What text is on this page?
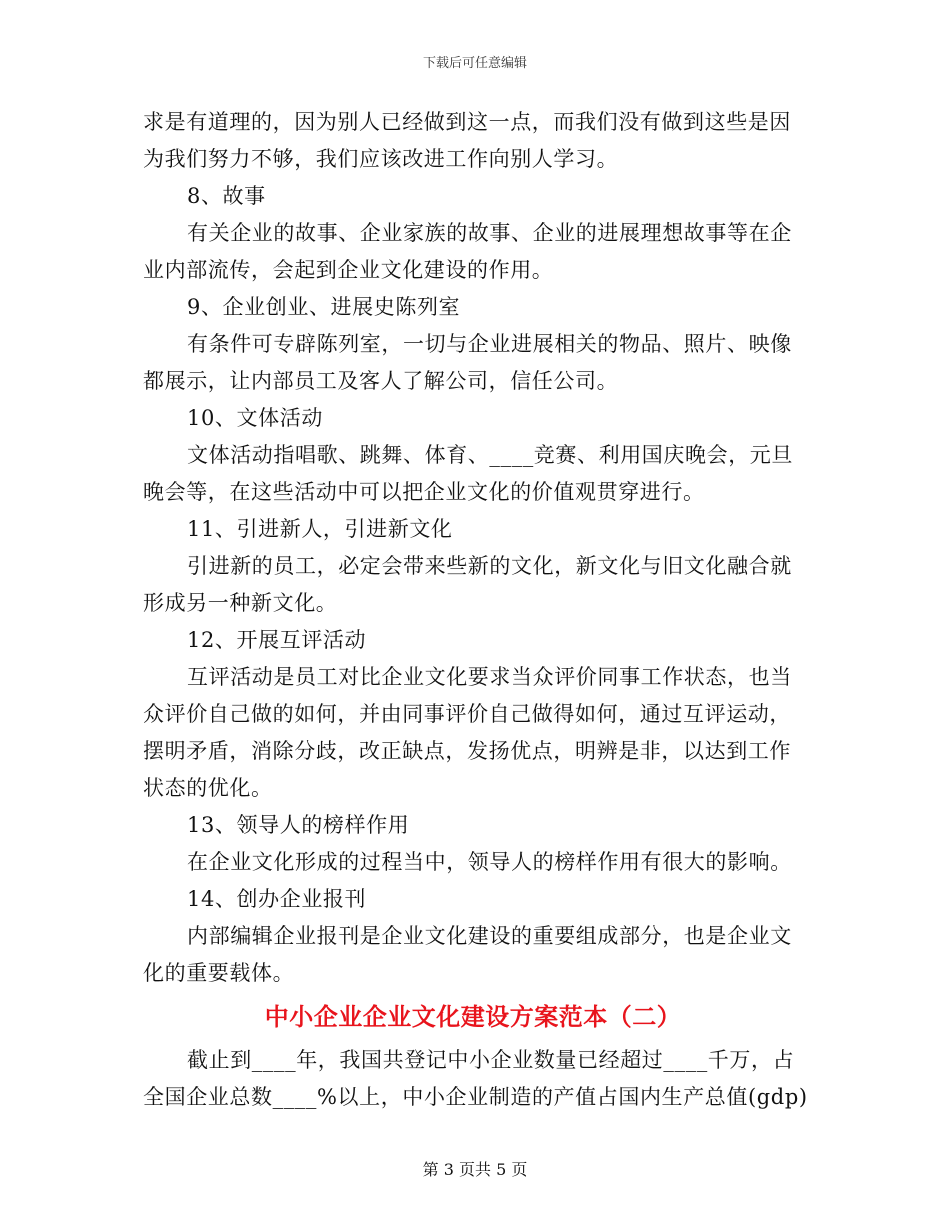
下载后可任意编辑
求是有道理的，因为别人已经做到这一点，而我们没有做到这些是因
为我们努力不够，我们应该改进工作向别人学习。
8、故事
有关企业的故事、企业家族的故事、企业的进展理想故事等在企
业内部流传，会起到企业文化建设的作用。
9、企业创业、进展史陈列室
有条件可专辟陈列室，一切与企业进展相关的物品、照片、映像
都展示，让内部员工及客人了解公司，信任公司。
10、文体活动
文体活动指唱歌、跳舞、体育、____竞赛、利用国庆晚会，元旦
晚会等，在这些活动中可以把企业文化的价值观贯穿进行。
11、引进新人，引进新文化
引进新的员工，必定会带来些新的文化，新文化与旧文化融合就
形成另一种新文化。
12、开展互评活动
互评活动是员工对比企业文化要求当众评价同事工作状态，也当
众评价自己做的如何，并由同事评价自己做得如何，通过互评运动，
摆明矛盾，消除分歧，改正缺点，发扬优点，明辨是非，以达到工作
状态的优化。
13、领导人的榜样作用
在企业文化形成的过程当中，领导人的榜样作用有很大的影响。
14、创办企业报刊
内部编辑企业报刊是企业文化建设的重要组成部分，也是企业文
化的重要载体。
中小企业企业文化建设方案范本（二）
截止到____年，我国共登记中小企业数量已经超过____千万，占
全国企业总数____%以上，中小企业制造的产值占国内生产总值(gdp)
第 3 页共 5 页
